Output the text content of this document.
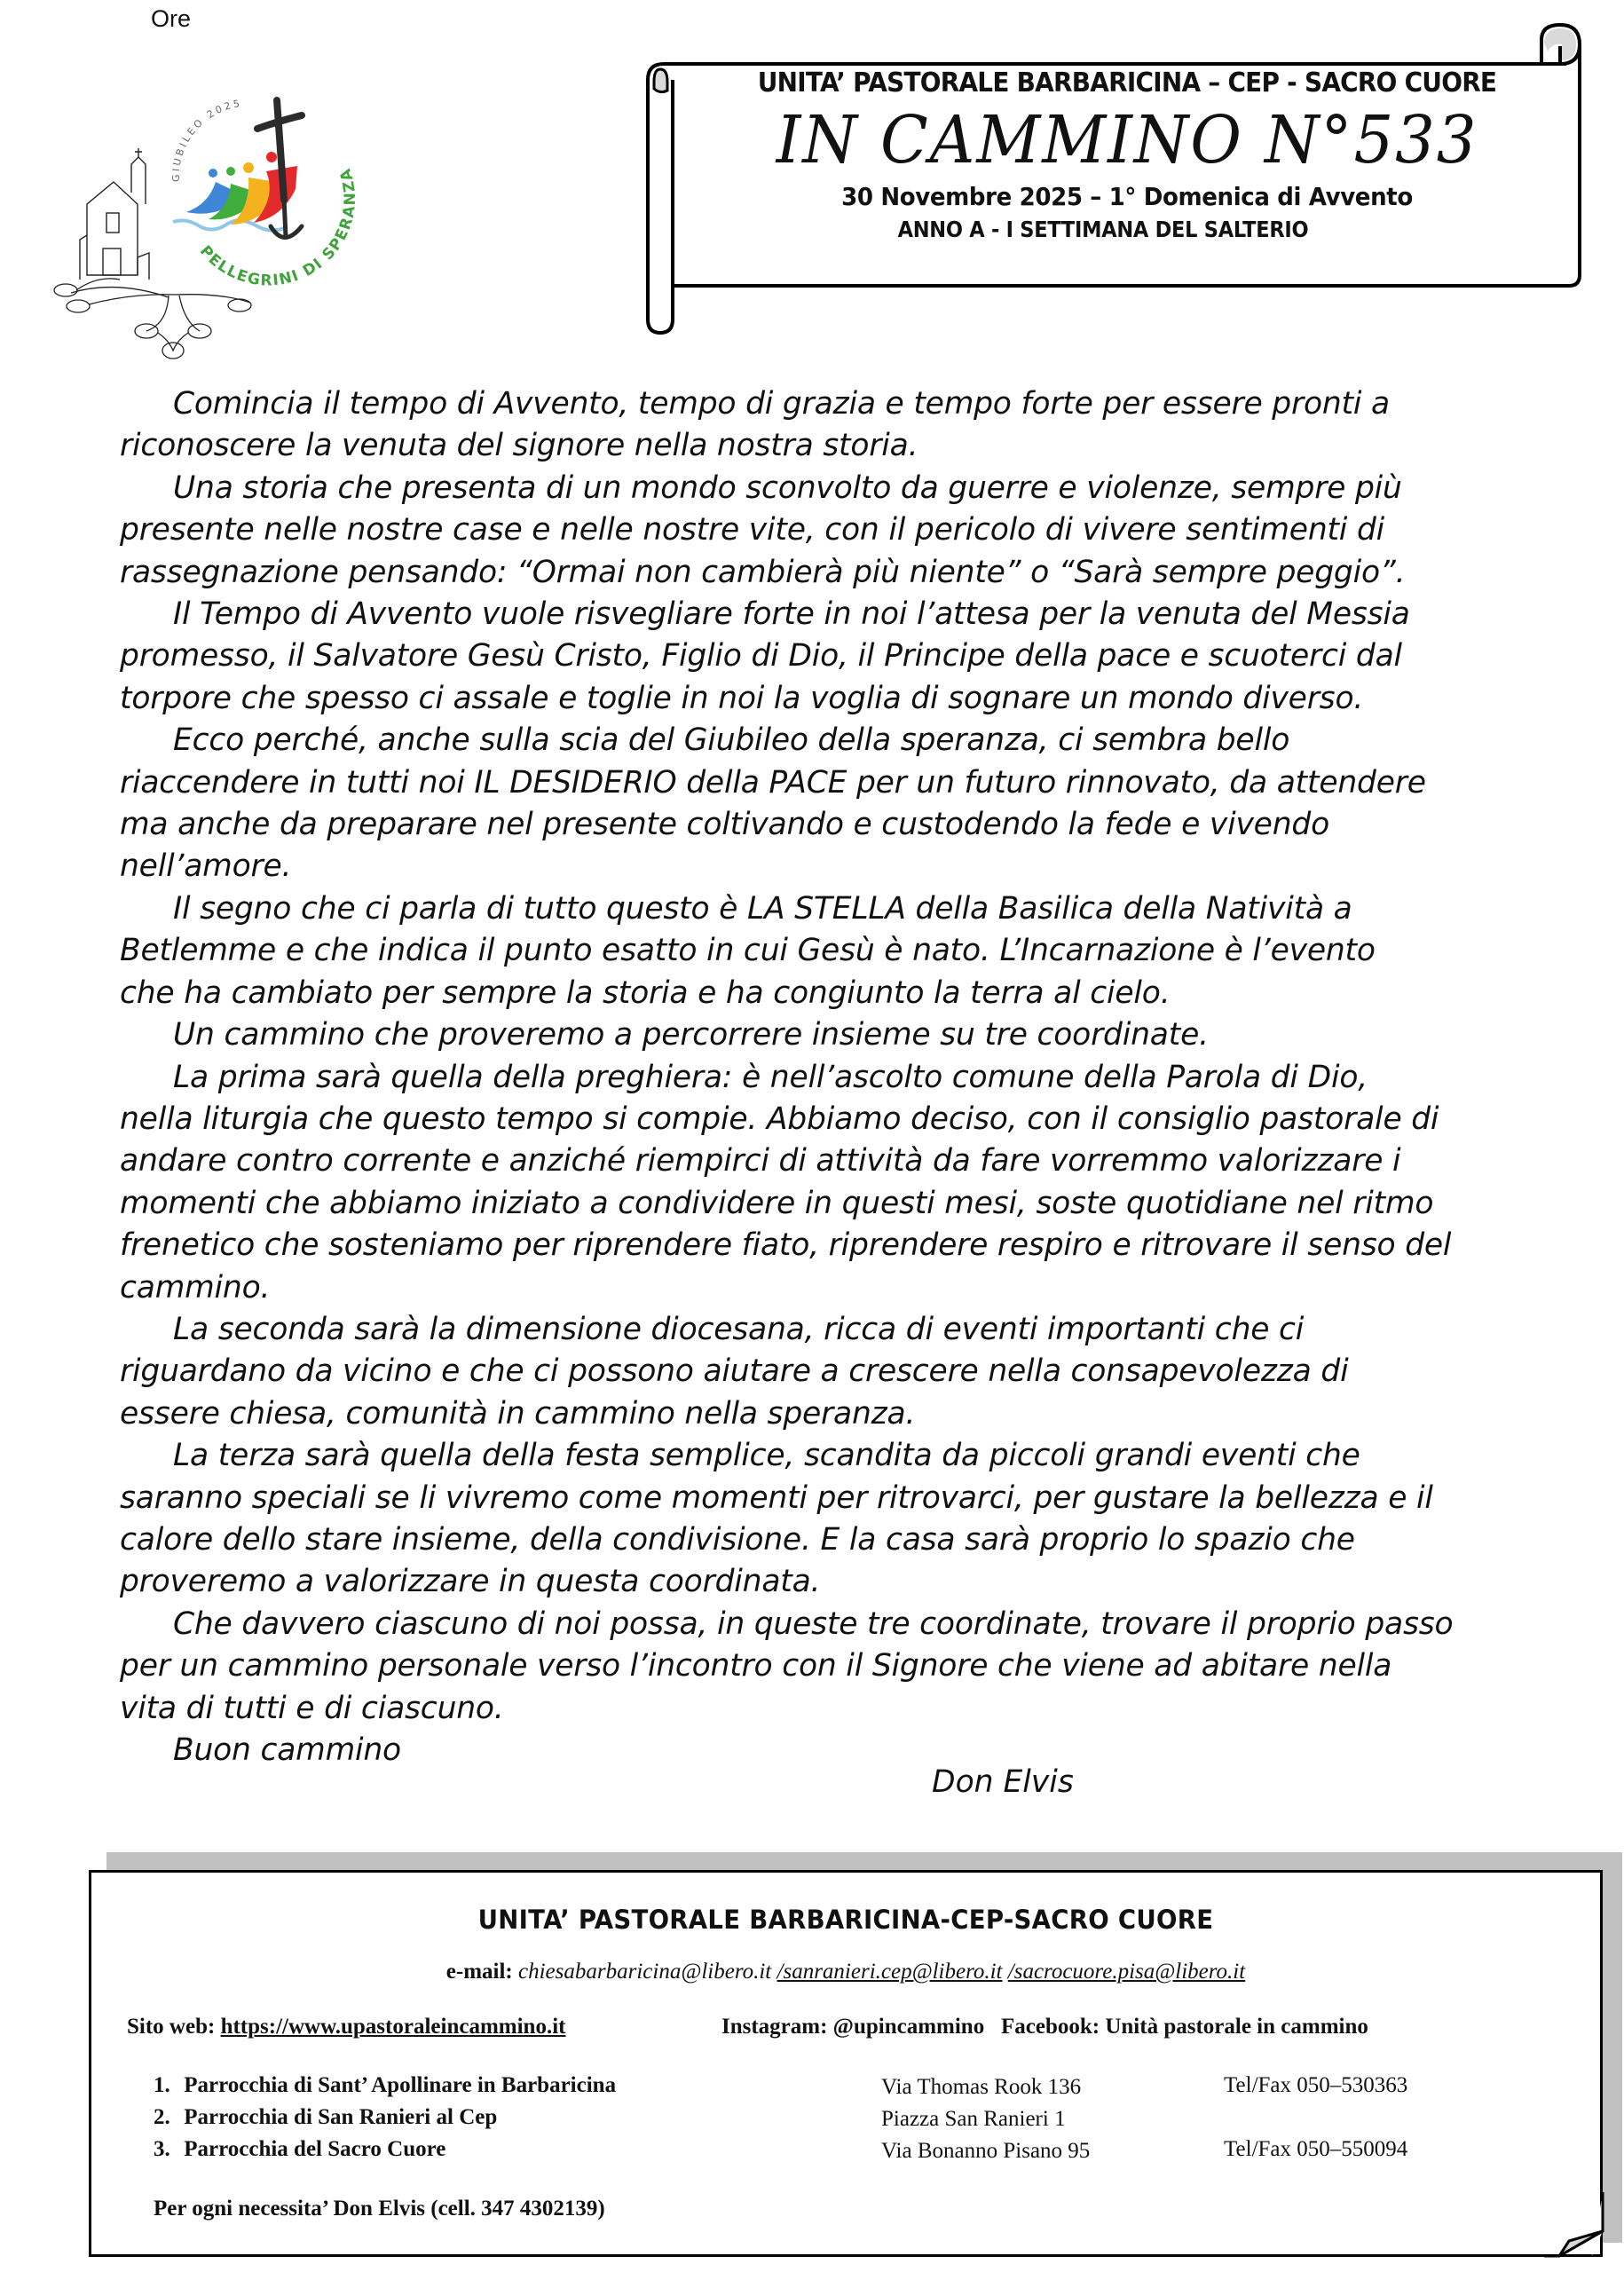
Ore
GIUBILEO 2025
PELLEGRINI DI SPERANZA
UNITA’ PASTORALE BARBARICINA – CEP - SACRO CUORE
IN CAMMINO N°533
30 Novembre 2025 – 1° Domenica di Avvento
ANNO A - I SETTIMANA DEL SALTERIO
Comincia il tempo di Avvento, tempo di grazia e tempo forte per essere pronti a
riconoscere la venuta del signore nella nostra storia.
Una storia che presenta di un mondo sconvolto da guerre e violenze, sempre più
presente nelle nostre case e nelle nostre vite, con il pericolo di vivere sentimenti di
rassegnazione pensando: “Ormai non cambierà più niente” o “Sarà sempre peggio”.
Il Tempo di Avvento vuole risvegliare forte in noi l’attesa per la venuta del Messia
promesso, il Salvatore Gesù Cristo, Figlio di Dio, il Principe della pace e scuoterci dal
torpore che spesso ci assale e toglie in noi la voglia di sognare un mondo diverso.
Ecco perché, anche sulla scia del Giubileo della speranza, ci sembra bello
riaccendere in tutti noi IL DESIDERIO della PACE per un futuro rinnovato, da attendere
ma anche da preparare nel presente coltivando e custodendo la fede e vivendo
nell’amore.
Il segno che ci parla di tutto questo è LA STELLA della Basilica della Natività a
Betlemme e che indica il punto esatto in cui Gesù è nato. L’Incarnazione è l’evento
che ha cambiato per sempre la storia e ha congiunto la terra al cielo.
Un cammino che proveremo a percorrere insieme su tre coordinate.
La prima sarà quella della preghiera: è nell’ascolto comune della Parola di Dio,
nella liturgia che questo tempo si compie. Abbiamo deciso, con il consiglio pastorale di
andare contro corrente e anziché riempirci di attività da fare vorremmo valorizzare i
momenti che abbiamo iniziato a condividere in questi mesi, soste quotidiane nel ritmo
frenetico che sosteniamo per riprendere fiato, riprendere respiro e ritrovare il senso del
cammino.
La seconda sarà la dimensione diocesana, ricca di eventi importanti che ci
riguardano da vicino e che ci possono aiutare a crescere nella consapevolezza di
essere chiesa, comunità in cammino nella speranza.
La terza sarà quella della festa semplice, scandita da piccoli grandi eventi che
saranno speciali se li vivremo come momenti per ritrovarci, per gustare la bellezza e il
calore dello stare insieme, della condivisione. E la casa sarà proprio lo spazio che
proveremo a valorizzare in questa coordinata.
Che davvero ciascuno di noi possa, in queste tre coordinate, trovare il proprio passo
per un cammino personale verso l’incontro con il Signore che viene ad abitare nella
vita di tutti e di ciascuno.
Buon cammino
Don Elvis
UNITA’ PASTORALE BARBARICINA-CEP-SACRO CUORE
e-mail: chiesabarbaricina@libero.it /sanranieri.cep@libero.it /sacrocuore.pisa@libero.it
Sito web: https://www.upastoraleincammino.it	Instagram: @upincammino Facebook: Unità pastorale in cammino
1. Parrocchia di Sant’ Apollinare in Barbaricina
2. Parrocchia di San Ranieri al Cep
3. Parrocchia del Sacro Cuore
Via Thomas Rook 136
Piazza San Ranieri 1
Via Bonanno Pisano 95
Tel/Fax 050–530363
Tel/Fax 050–550094
Per ogni necessita’ Don Elvis (cell. 347 4302139)
